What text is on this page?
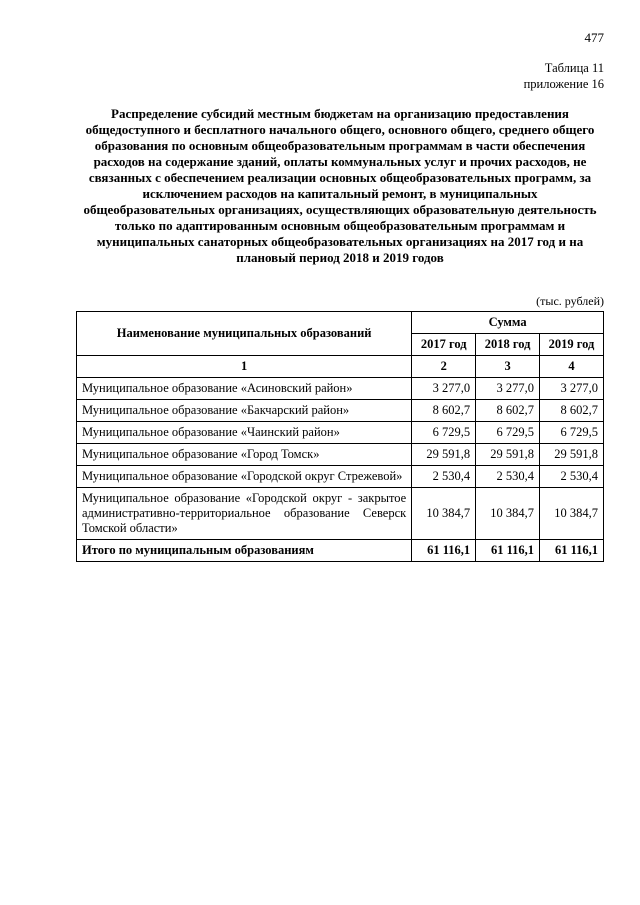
477
Таблица 11
приложение 16
Распределение субсидий местным бюджетам на организацию предоставления общедоступного и бесплатного начального общего, основного общего, среднего общего образования по основным общеобразовательным программам в части обеспечения расходов на содержание зданий, оплаты коммунальных услуг и прочих расходов, не связанных с обеспечением реализации основных общеобразовательных программ, за исключением расходов на капитальный ремонт, в муниципальных общеобразовательных организациях, осуществляющих образовательную деятельность только по адаптированным основным общеобразовательным программам и муниципальных санаторных общеобразовательных организациях на 2017 год и на плановый период 2018 и 2019 годов
(тыс. рублей)
Наименование муниципальных образований	Сумма		
	2017 год	2018 год	2019 год
1	2	3	4
Муниципальное образование «Асиновский район»	3 277,0	3 277,0	3 277,0
Муниципальное образование «Бакчарский район»	8 602,7	8 602,7	8 602,7
Муниципальное образование «Чаинский район»	6 729,5	6 729,5	6 729,5
Муниципальное образование «Город Томск»	29 591,8	29 591,8	29 591,8
Муниципальное образование «Городской округ Стрежевой»	2 530,4	2 530,4	2 530,4
Муниципальное образование «Городской округ - закрытое административно-территориальное образование Северск Томской области»	10 384,7	10 384,7	10 384,7
Итого по муниципальным образованиям	61 116,1	61 116,1	61 116,1
